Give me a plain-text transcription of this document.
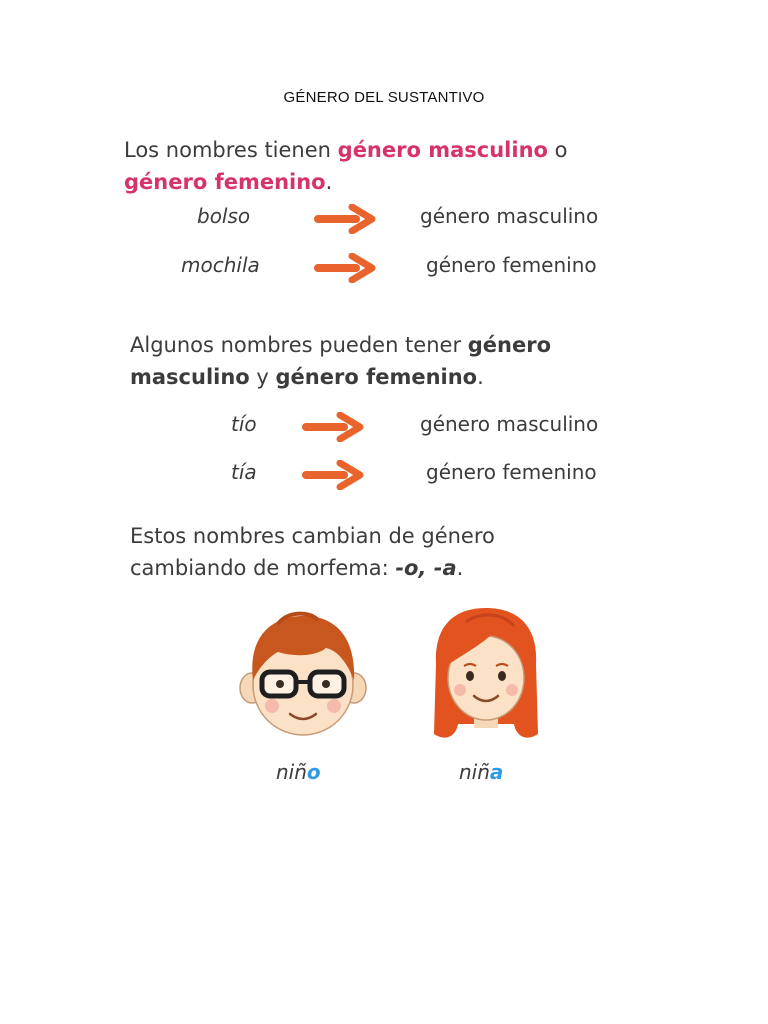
GÉNERO DEL SUSTANTIVO
Los nombres tienen género masculino o
género femenino.
bolso	género masculino
mochila	género femenino
Algunos nombres pueden tener género
masculino y género femenino.
tío	género masculino
tía	género femenino
Estos nombres cambian de género
cambiando de morfema: -o, -a.
niño	niña
